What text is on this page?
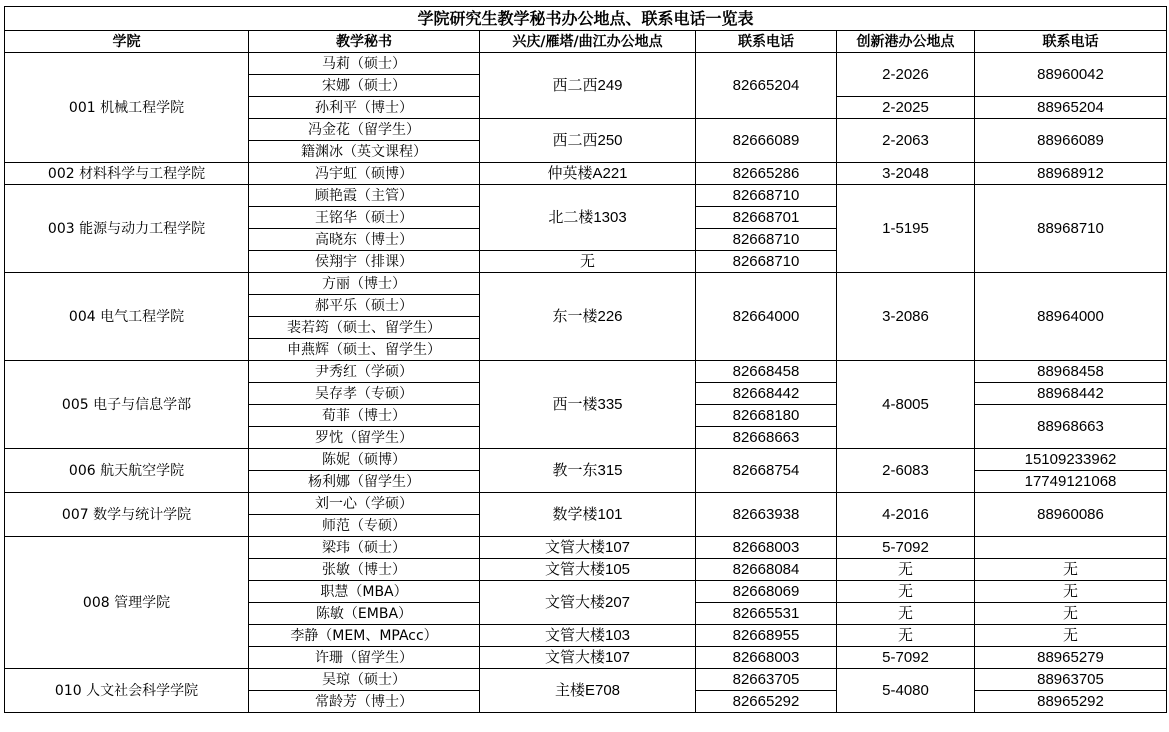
学院研究生教学秘书办公地点、联系电话一览表					
学院	教学秘书	兴庆/雁塔/曲江办公地点	联系电话	创新港办公地点	联系电话
001 机械工程学院	马莉（硕士）	西二西249	82665204	2-2026	88960042
	宋娜（硕士）				
	孙利平（博士）			2-2025	88965204
	冯金花（留学生）	西二西250	82666089	2-2063	88966089
	籍渊冰（英文课程）				
002 材料科学与工程学院	冯宇虹（硕博）	仲英楼A221	82665286	3-2048	88968912
003 能源与动力工程学院	顾艳霞（主管）	北二楼1303	82668710	1-5195	88968710
	王铭华（硕士）		82668701		
	高晓东（博士）		82668710		
	侯翔宇（排课）	无	82668710		
004 电气工程学院	方丽（博士）	东一楼226	82664000	3-2086	88964000
	郝平乐（硕士）				
	裴若筠（硕士、留学生）				
	申燕辉（硕士、留学生）				
005 电子与信息学部	尹秀红（学硕）	西一楼335	82668458	4-8005	88968458
	吴存孝（专硕）		82668442		88968442
	荀菲（博士）		82668180		88968663
	罗忱（留学生）		82668663		
006 航天航空学院	陈妮（硕博）	教一东315	82668754	2-6083	15109233962
	杨利娜（留学生）				17749121068
007 数学与统计学院	刘一心（学硕）	数学楼101	82663938	4-2016	88960086
	师范（专硕）				
008 管理学院	梁玮（硕士）	文管大楼107	82668003	5-7092	
	张敏（博士）	文管大楼105	82668084	无	无
	职慧（MBA）	文管大楼207	82668069	无	无
	陈敏（EMBA）		82665531	无	无
	李静（MEM、MPAcc）	文管大楼103	82668955	无	无
	许珊（留学生）	文管大楼107	82668003	5-7092	88965279
010 人文社会科学学院	吴琼（硕士）	主楼E708	82663705	5-4080	88963705
	常龄芳（博士）		82665292		88965292
